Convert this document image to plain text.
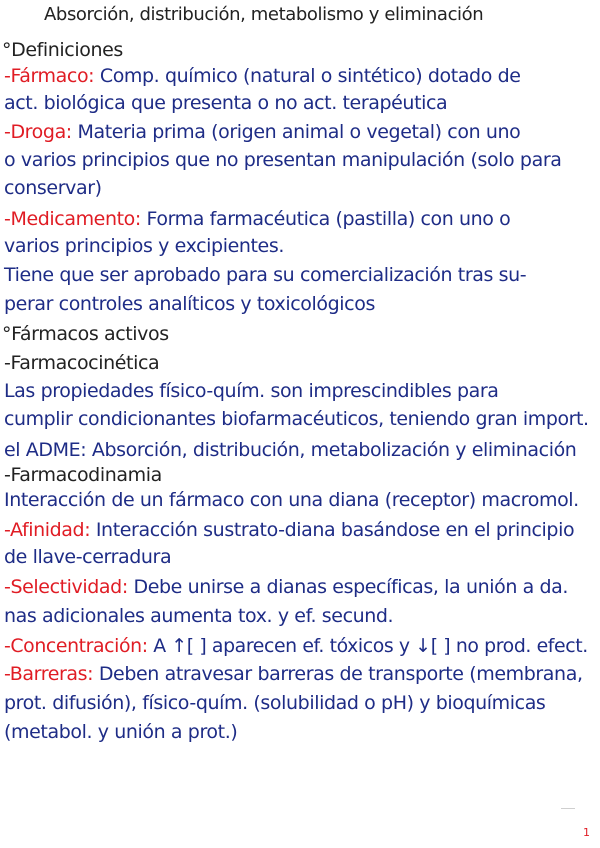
Absorción, distribución, metabolismo y eliminación
°Definiciones
-Fármaco: Comp. químico (natural o sintético) dotado de
act. biológica que presenta o no act. terapéutica
-Droga: Materia prima (origen animal o vegetal) con uno
o varios principios que no presentan manipulación (solo para
conservar)
-Medicamento: Forma farmacéutica (pastilla) con uno o
varios principios y excipientes.
Tiene que ser aprobado para su comercialización tras su-
perar controles analíticos y toxicológicos
°Fármacos activos
-Farmacocinética
Las propiedades físico-quím. son imprescindibles para
cumplir condicionantes biofarmacéuticos, teniendo gran import.
el ADME: Absorción, distribución, metabolización y eliminación
-Farmacodinamia
Interacción de un fármaco con una diana (receptor) macromol.
-Afinidad: Interacción sustrato-diana basándose en el principio
de llave-cerradura
-Selectividad: Debe unirse a dianas específicas, la unión a da.
nas adicionales aumenta tox. y ef. secund.
-Concentración: A ↑[ ] aparecen ef. tóxicos y ↓[ ] no prod. efect.
-Barreras: Deben atravesar barreras de transporte (membrana,
prot. difusión), físico-quím. (solubilidad o pH) y bioquímicas
(metabol. y unión a prot.)
1
